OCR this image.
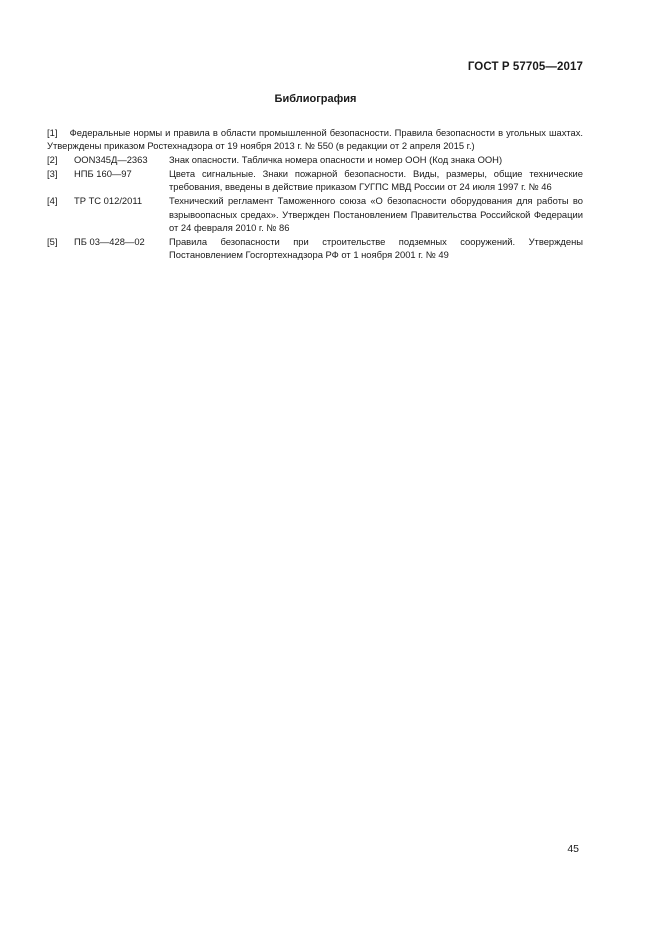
ГОСТ Р 57705—2017
Библиография
[1] Федеральные нормы и правила в области промышленной безопасности. Правила безопасности в угольных шахтах. Утверждены приказом Ростехнадзора от 19 ноября 2013 г. № 550 (в редакции от 2 апреля 2015 г.)
[2]	OON345Д—2363	Знак опасности. Табличка номера опасности и номер ООН (Код знака ООН)
[3]	НПБ 160—97	Цвета сигнальные. Знаки пожарной безопасности. Виды, размеры, общие технические требования, введены в действие приказом ГУГПС МВД России от 24 июля 1997 г. № 46
[4]	ТР ТС 012/2011	Технический регламент Таможенного союза «О безопасности оборудования для работы во взрывоопасных средах». Утвержден Постановлением Правительства Российской Федерации от 24 февраля 2010 г. № 86
[5]	ПБ 03—428—02	Правила безопасности при строительстве подземных сооружений. Утверждены Постановлением Госгортехнадзора РФ от 1 ноября 2001 г. № 49
45
